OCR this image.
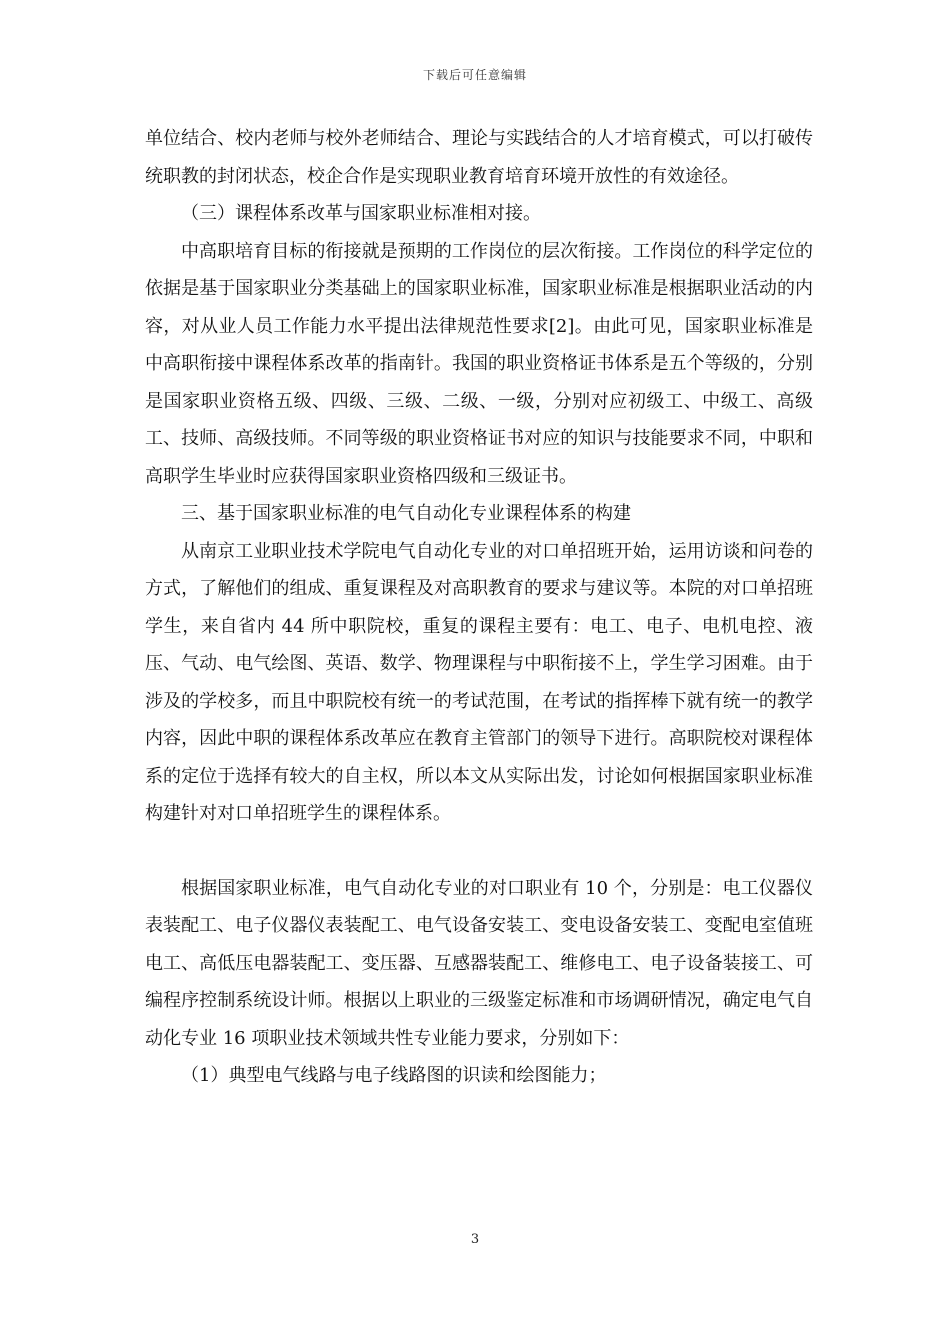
下载后可任意编辑

单位结合、校内老师与校外老师结合、理论与实践结合的人才培育模式，可以打破传统职教的封闭状态，校企合作是实现职业教育培育环境开放性的有效途径。

（三）课程体系改革与国家职业标准相对接。

中高职培育目标的衔接就是预期的工作岗位的层次衔接。工作岗位的科学定位的依据是基于国家职业分类基础上的国家职业标准，国家职业标准是根据职业活动的内容，对从业人员工作能力水平提出法律规范性要求[2]。由此可见，国家职业标准是中高职衔接中课程体系改革的指南针。我国的职业资格证书体系是五个等级的，分别是国家职业资格五级、四级、三级、二级、一级，分别对应初级工、中级工、高级工、技师、高级技师。不同等级的职业资格证书对应的知识与技能要求不同，中职和高职学生毕业时应获得国家职业资格四级和三级证书。

三、基于国家职业标准的电气自动化专业课程体系的构建

从南京工业职业技术学院电气自动化专业的对口单招班开始，运用访谈和问卷的方式，了解他们的组成、重复课程及对高职教育的要求与建议等。本院的对口单招班学生，来自省内 44 所中职院校，重复的课程主要有：电工、电子、电机电控、液压、气动、电气绘图、英语、数学、物理课程与中职衔接不上，学生学习困难。由于涉及的学校多，而且中职院校有统一的考试范围，在考试的指挥棒下就有统一的教学内容，因此中职的课程体系改革应在教育主管部门的领导下进行。高职院校对课程体系的定位于选择有较大的自主权，所以本文从实际出发，讨论如何根据国家职业标准构建针对对口单招班学生的课程体系。

根据国家职业标准，电气自动化专业的对口职业有 10 个，分别是：电工仪器仪表装配工、电子仪器仪表装配工、电气设备安装工、变电设备安装工、变配电室值班电工、高低压电器装配工、变压器、互感器装配工、维修电工、电子设备装接工、可编程序控制系统设计师。根据以上职业的三级鉴定标准和市场调研情况，确定电气自动化专业 16 项职业技术领域共性专业能力要求，分别如下：

（1）典型电气线路与电子线路图的识读和绘图能力；

3
